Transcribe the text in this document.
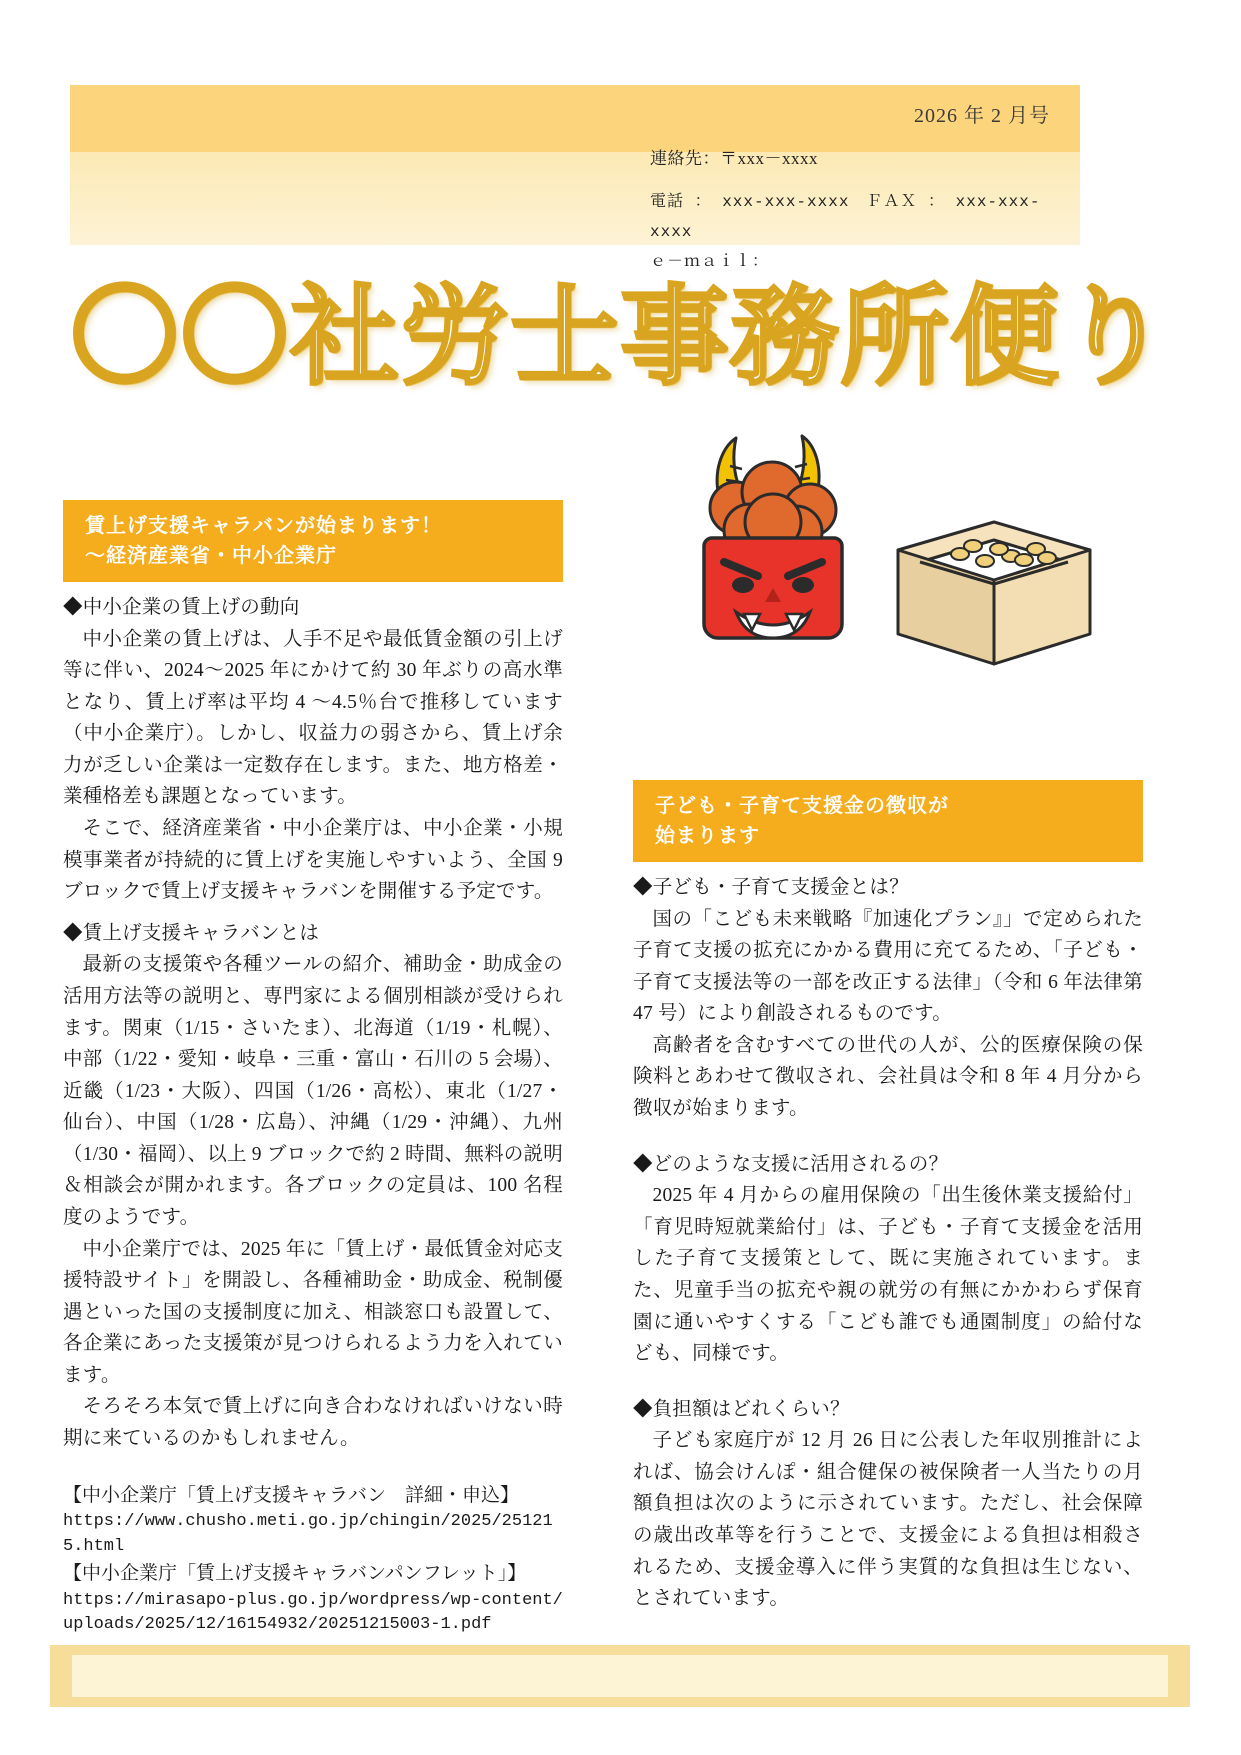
2026 年 2 月号
連絡先：〒xxx－xxxx
電話 ： xxx-xxx-xxxx　ＦＡＸ ： xxx-xxx-xxxx
ｅ－ｍａｉｌ：
〇〇社労士事務所便り
賃上げ支援キャラバンが始まります！
〜経済産業省・中小企業庁
◆中小企業の賃上げの動向

中小企業の賃上げは、人手不足や最低賃金額の引上げ等に伴い、2024〜2025 年にかけて約 30 年ぶりの高水準となり、賃上げ率は平均 4 〜4.5％台で推移しています（中小企業庁）。しかし、収益力の弱さから、賃上げ余力が乏しい企業は一定数存在します。また、地方格差・業種格差も課題となっています。

そこで、経済産業省・中小企業庁は、中小企業・小規模事業者が持続的に賃上げを実施しやすいよう、全国 9 ブロックで賃上げ支援キャラバンを開催する予定です。

◆賃上げ支援キャラバンとは

最新の支援策や各種ツールの紹介、補助金・助成金の活用方法等の説明と、専門家による個別相談が受けられます。関東（1/15・さいたま）、北海道（1/19・札幌）、中部（1/22・愛知・岐阜・三重・富山・石川の 5 会場）、近畿（1/23・大阪）、四国（1/26・高松）、東北（1/27・仙台）、中国（1/28・広島）、沖縄（1/29・沖縄）、九州（1/30・福岡）、以上 9 ブロックで約 2 時間、無料の説明＆相談会が開かれます。各ブロックの定員は、100 名程度のようです。

中小企業庁では、2025 年に「賃上げ・最低賃金対応支援特設サイト」を開設し、各種補助金・助成金、税制優遇といった国の支援制度に加え、相談窓口も設置して、各企業にあった支援策が見つけられるよう力を入れています。

そろそろ本気で賃上げに向き合わなければいけない時期に来ているのかもしれません。

【中小企業庁「賃上げ支援キャラバン　詳細・申込】
https://www.chusho.meti.go.jp/chingin/2025/251215.html
【中小企業庁「賃上げ支援キャラバンパンフレット」】
https://mirasapo-plus.go.jp/wordpress/wp-content/uploads/2025/12/16154932/20251215003-1.pdf
子ども・子育て支援金の徴収が
始まります
◆子ども・子育て支援金とは？

国の「こども未来戦略『加速化プラン』」で定められた子育て支援の拡充にかかる費用に充てるため、「子ども・子育て支援法等の一部を改正する法律」（令和 6 年法律第 47 号）により創設されるものです。

高齢者を含むすべての世代の人が、公的医療保険の保険料とあわせて徴収され、会社員は令和 8 年 4 月分から徴収が始まります。

◆どのような支援に活用されるの？

2025 年 4 月からの雇用保険の「出生後休業支援給付」「育児時短就業給付」は、子ども・子育て支援金を活用した子育て支援策として、既に実施されています。また、児童手当の拡充や親の就労の有無にかかわらず保育園に通いやすくする「こども誰でも通園制度」の給付なども、同様です。

◆負担額はどれくらい？

子ども家庭庁が 12 月 26 日に公表した年収別推計によれば、協会けんぽ・組合健保の被保険者一人当たりの月額負担は次のように示されています。ただし、社会保障の歳出改革等を行うことで、支援金による負担は相殺されるため、支援金導入に伴う実質的な負担は生じない、とされています。
